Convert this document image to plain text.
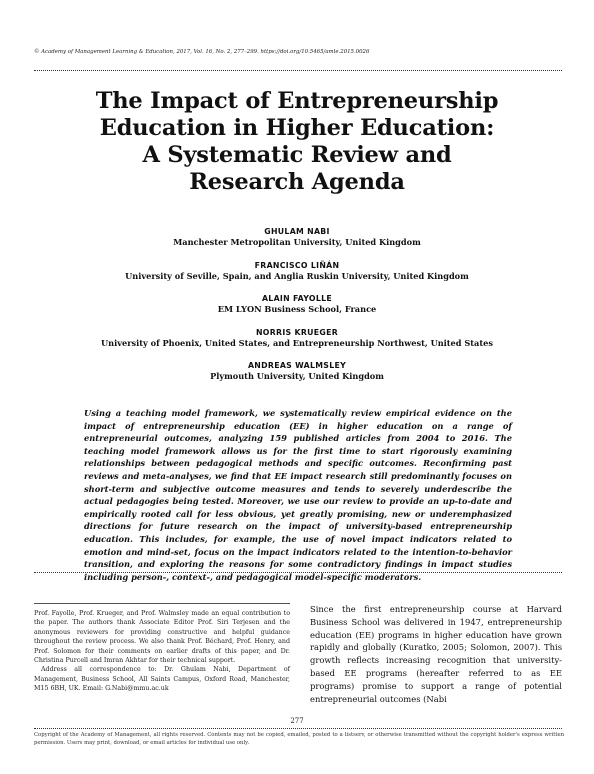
© Academy of Management Learning & Education, 2017, Vol. 16, No. 2, 277–299. https://doi.org/10.5465/amle.2015.0026
The Impact of Entrepreneurship
Education in Higher Education:
A Systematic Review and
Research Agenda
GHULAM NABI
Manchester Metropolitan University, United Kingdom
FRANCISCO LIÑÁN
University of Seville, Spain, and Anglia Ruskin University, United Kingdom
ALAIN FAYOLLE
EM LYON Business School, France
NORRIS KRUEGER
University of Phoenix, United States, and Entrepreneurship Northwest, United States
ANDREAS WALMSLEY
Plymouth University, United Kingdom
Using a teaching model framework, we systematically review empirical evidence on the impact of entrepreneurship education (EE) in higher education on a range of entrepreneurial outcomes, analyzing 159 published articles from 2004 to 2016. The teaching model framework allows us for the first time to start rigorously examining relationships between pedagogical methods and specific outcomes. Reconfirming past reviews and meta-analyses, we find that EE impact research still predominantly focuses on short-term and subjective outcome measures and tends to severely underdescribe the actual pedagogies being tested. Moreover, we use our review to provide an up-to-date and empirically rooted call for less obvious, yet greatly promising, new or underemphasized directions for future research on the impact of university-based entrepreneurship education. This includes, for example, the use of novel impact indicators related to emotion and mind-set, focus on the impact indicators related to the intention-to-behavior transition, and exploring the reasons for some contradictory findings in impact studies including person-, context-, and pedagogical model-specific moderators.

Prof. Fayolle, Prof. Krueger, and Prof. Walmsley made an equal contribution to the paper. The authors thank Associate Editor Prof. Siri Terjesen and the anonymous reviewers for providing constructive and helpful guidance throughout the review process. We also thank Prof. Béchard, Prof. Henry, and Prof. Solomon for their comments on earlier drafts of this paper, and Dr. Christina Purcell and Imran Akhtar for their technical support.

Address all correspondence to: Dr. Ghulam Nabi, Department of Management, Business School, All Saints Campus, Oxford Road, Manchester, M15 6BH, UK. Email: G.Nabi@mmu.ac.uk

Since the first entrepreneurship course at Harvard Business School was delivered in 1947, entrepreneurship education (EE) programs in higher education have grown rapidly and globally (Kuratko, 2005; Solomon, 2007). This growth reflects increasing recognition that university-based EE programs (hereafter referred to as EE programs) promise to support a range of potential entrepreneurial outcomes (Nabi
277
Copyright of the Academy of Management, all rights reserved. Contents may not be copied, emailed, posted to a listserv, or otherwise transmitted without the copyright holder's express written permission. Users may print, download, or email articles for individual use only.
